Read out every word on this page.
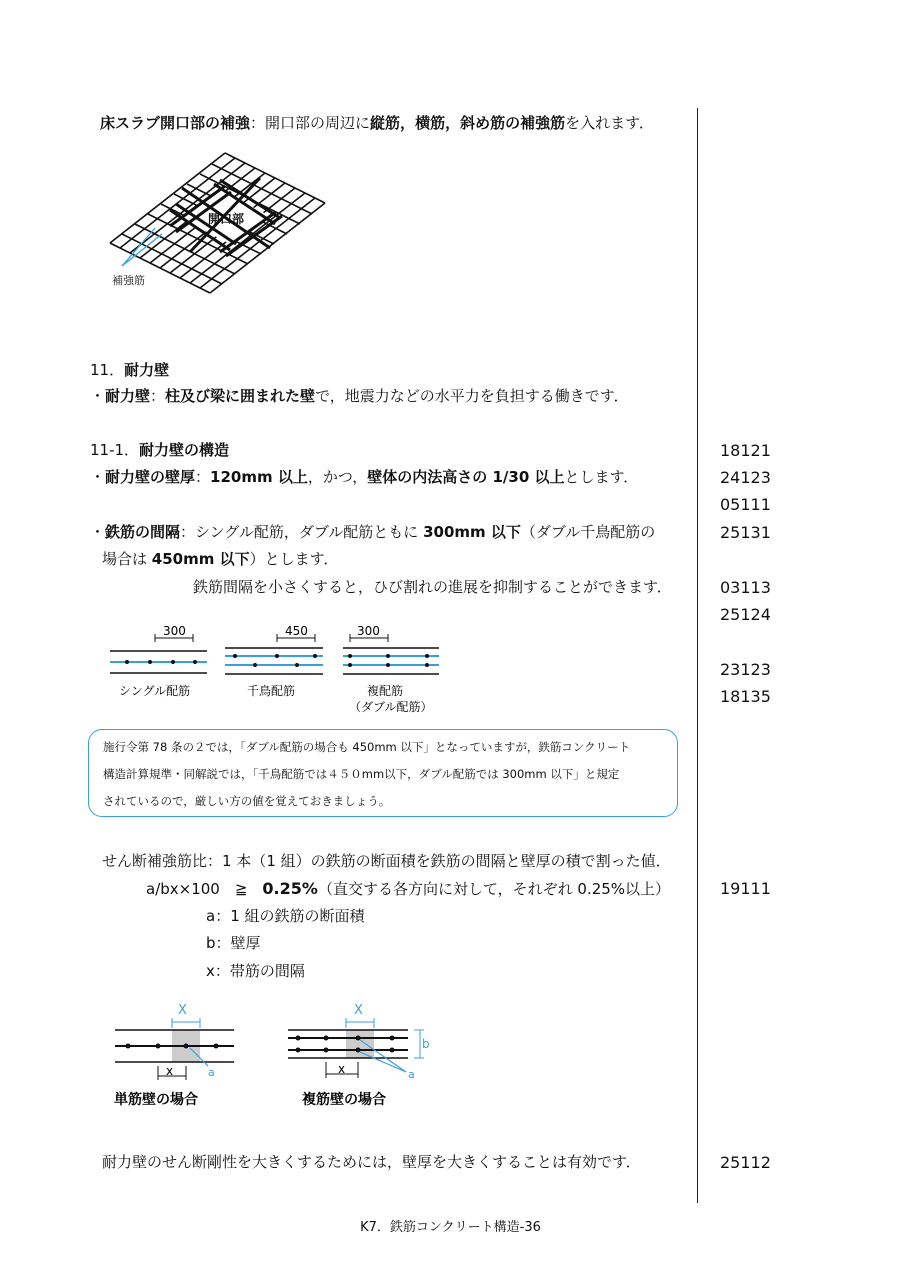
床スラブ開口部の補強：開口部の周辺に縦筋，横筋，斜め筋の補強筋を入れます．
開口部
補強筋
11．耐力壁
・耐力壁：柱及び梁に囲まれた壁で，地震力などの水平力を負担する働きです．
11-1．耐力壁の構造
・耐力壁の壁厚：120mm 以上，かつ，壁体の内法高さの 1/30 以上とします．
・鉄筋の間隔：シングル配筋，ダブル配筋ともに 300mm 以下（ダブル千鳥配筋の
場合は 450mm 以下）とします．
鉄筋間隔を小さくすると，ひび割れの進展を抑制することができます．
300
シングル配筋
450
千鳥配筋
300
複配筋
（ダブル配筋）
施行令第 78 条の２では，「ダブル配筋の場合も 450mm 以下」となっていますが，鉄筋コンクリート
構造計算規準・同解説では，「千鳥配筋では４５０mm以下，ダブル配筋では 300mm 以下」と規定
されているので，厳しい方の値を覚えておきましょう。
せん断補強筋比：1 本（1 組）の鉄筋の断面積を鉄筋の間隔と壁厚の積で割った値．
a/bx×100　≧　0.25%（直交する各方向に対して，それぞれ 0.25%以上）
a：1 組の鉄筋の断面積
b：壁厚
x：帯筋の間隔
X
a
x
単筋壁の場合
X
a
b
x
複筋壁の場合
耐力壁のせん断剛性を大きくするためには，壁厚を大きくすることは有効です．
18121
24123
05111
25131
03113
25124
23123
18135
19111
25112
K7．鉄筋コンクリート構造-36
